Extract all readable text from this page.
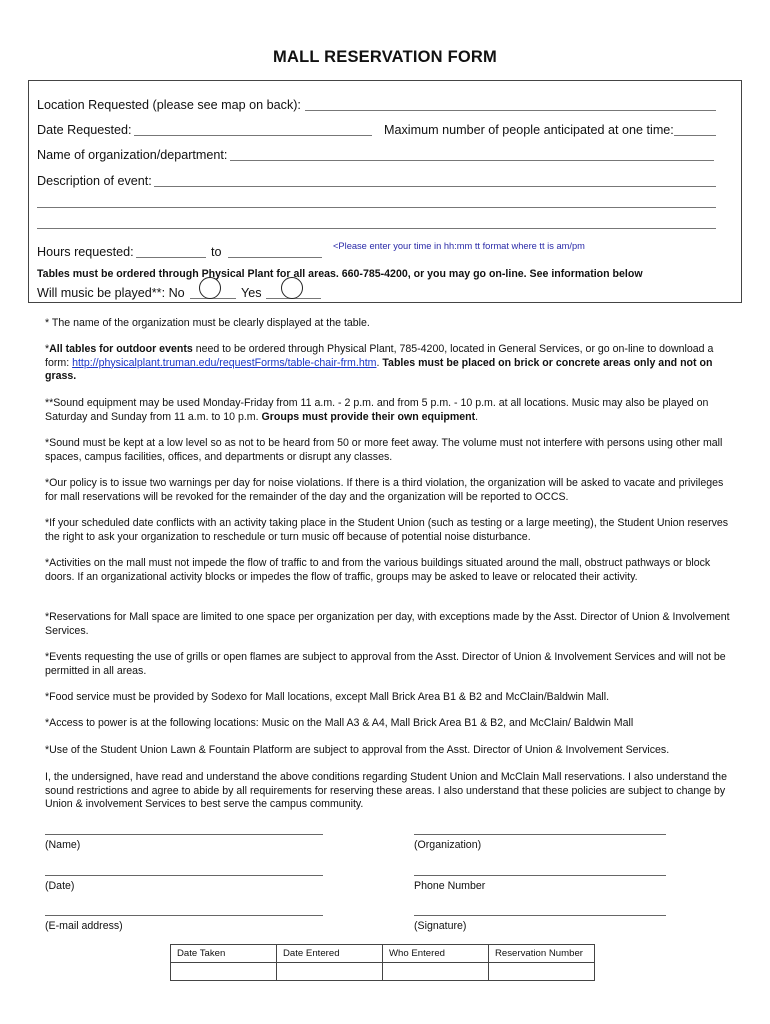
MALL RESERVATION FORM
Location Requested (please see map on back):
Date Requested:	Maximum number of people anticipated at one time:
Name of organization/department:
Description of event:
Hours requested:	to	<Please enter your time in hh:mm tt format where tt is am/pm
Tables must be ordered through Physical Plant for all areas. 660-785-4200, or you may go on-line. See information below
Will music be played**: No	Yes

* The name of the organization must be clearly displayed at the table.

*All tables for outdoor events need to be ordered through Physical Plant, 785-4200, located in General Services, or go on-line to download a form: http://physicalplant.truman.edu/requestForms/table-chair-frm.htm. Tables must be placed on brick or concrete areas only and not on grass.

**Sound equipment may be used Monday-Friday from 11 a.m. - 2 p.m. and from 5 p.m. - 10 p.m. at all locations. Music may also be played on Saturday and Sunday from 11 a.m. to 10 p.m. Groups must provide their own equipment.

*Sound must be kept at a low level so as not to be heard from 50 or more feet away. The volume must not interfere with persons using other mall spaces, campus facilities, offices, and departments or disrupt any classes.

*Our policy is to issue two warnings per day for noise violations. If there is a third violation, the organization will be asked to vacate and privileges for mall reservations will be revoked for the remainder of the day and the organization will be reported to OCCS.

*If your scheduled date conflicts with an activity taking place in the Student Union (such as testing or a large meeting), the Student Union reserves the right to ask your organization to reschedule or turn music off because of potential noise disturbance.

*Activities on the mall must not impede the flow of traffic to and from the various buildings situated around the mall, obstruct pathways or block doors. If an organizational activity blocks or impedes the flow of traffic, groups may be asked to leave or relocated their activity.

*Reservations for Mall space are limited to one space per organization per day, with exceptions made by the Asst. Director of Union & Involvement Services.

*Events requesting the use of grills or open flames are subject to approval from the Asst. Director of Union & Involvement Services and will not be permitted in all areas.

*Food service must be provided by Sodexo for Mall locations, except Mall Brick Area B1 & B2 and McClain/Baldwin Mall.

*Access to power is at the following locations: Music on the Mall A3 & A4, Mall Brick Area B1 & B2, and McClain/ Baldwin Mall

*Use of the Student Union Lawn & Fountain Platform are subject to approval from the Asst. Director of Union & Involvement Services.

I, the undersigned, have read and understand the above conditions regarding Student Union and McClain Mall reservations. I also understand the sound restrictions and agree to abide by all requirements for reserving these areas. I also understand that these policies are subject to change by Union & involvement Services to best serve the campus community.

(Name)	(Organization)
(Date)	Phone Number
(E-mail address)	(Signature)
Date Taken	Date Entered	Who Entered	Reservation Number
